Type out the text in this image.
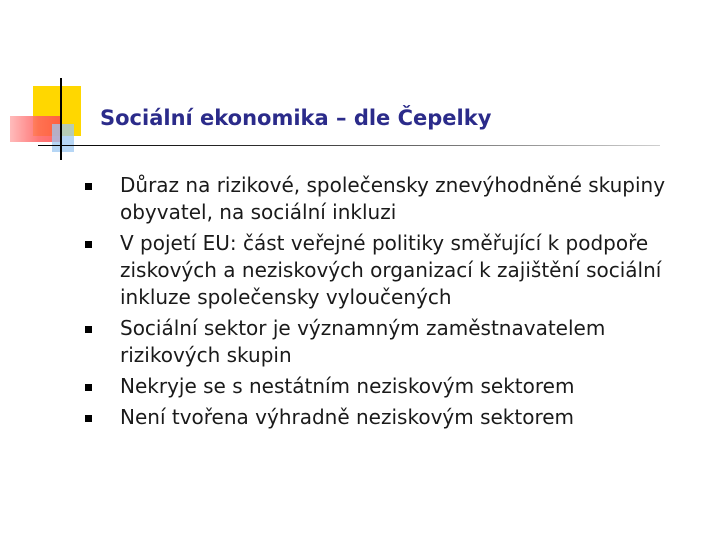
Sociální ekonomika – dle Čepelky
Důraz na rizikové, společensky znevýhodněné skupiny obyvatel, na sociální inkluzi
V pojetí EU: část veřejné politiky směřující k podpoře ziskových a neziskových organizací k zajištění sociální inkluze společensky vyloučených
Sociální sektor je významným zaměstnavatelem rizikových skupin
Nekryje se s nestátním neziskovým sektorem
Není tvořena výhradně neziskovým sektorem
